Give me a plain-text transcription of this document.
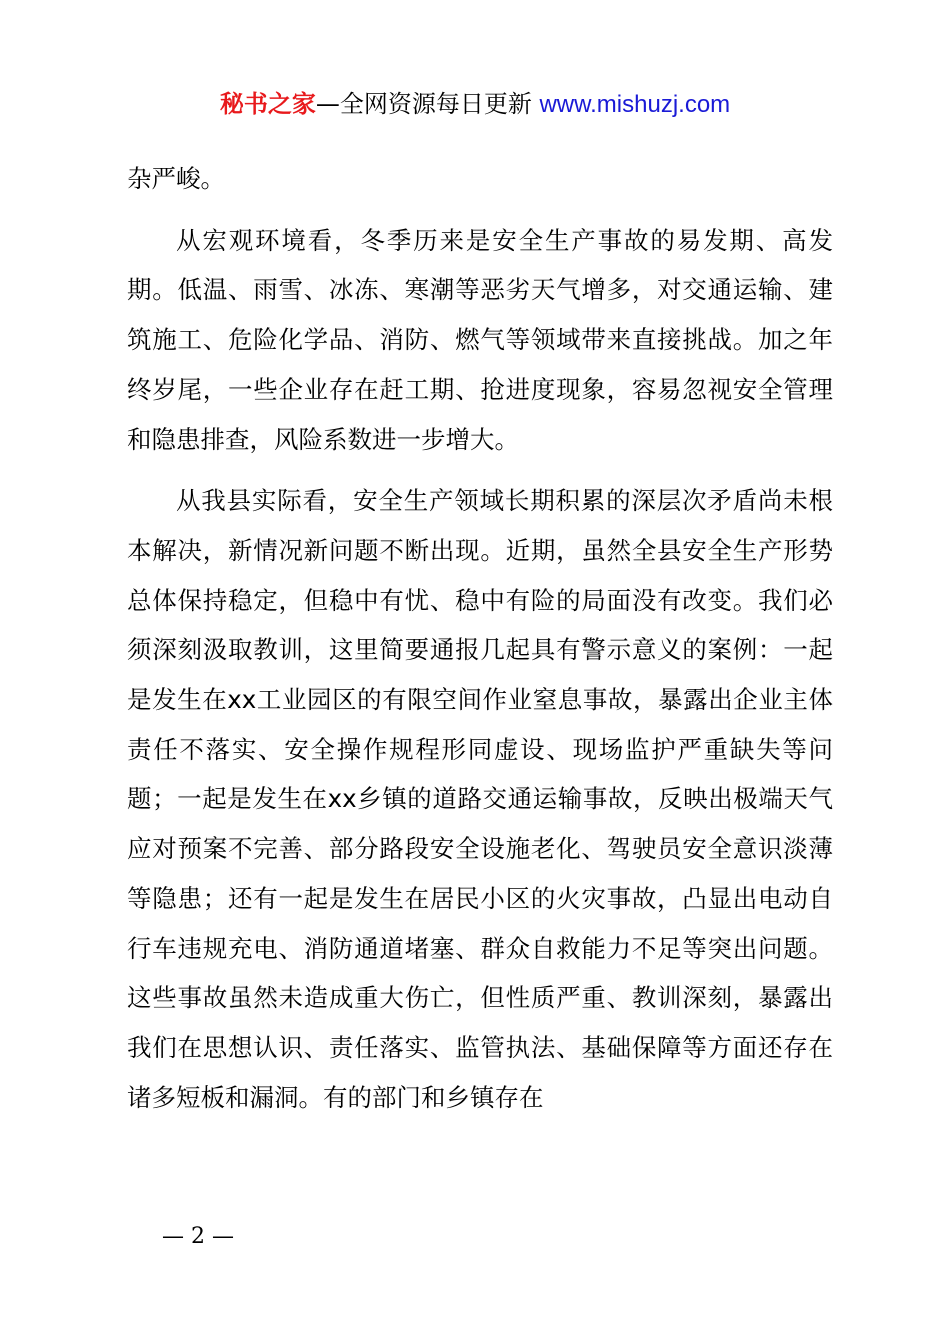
秘书之家—全网资源每日更新 www.mishuzj.com

杂严峻。

从宏观环境看，冬季历来是安全生产事故的易发期、高发期。低温、雨雪、冰冻、寒潮等恶劣天气增多，对交通运输、建筑施工、危险化学品、消防、燃气等领域带来直接挑战。加之年终岁尾，一些企业存在赶工期、抢进度现象，容易忽视安全管理和隐患排查，风险系数进一步增大。

从我县实际看，安全生产领域长期积累的深层次矛盾尚未根本解决，新情况新问题不断出现。近期，虽然全县安全生产形势总体保持稳定，但稳中有忧、稳中有险的局面没有改变。我们必须深刻汲取教训，这里简要通报几起具有警示意义的案例：一起是发生在xx工业园区的有限空间作业窒息事故，暴露出企业主体责任不落实、安全操作规程形同虚设、现场监护严重缺失等问题；一起是发生在xx乡镇的道路交通运输事故，反映出极端天气应对预案不完善、部分路段安全设施老化、驾驶员安全意识淡薄等隐患；还有一起是发生在居民小区的火灾事故，凸显出电动自行车违规充电、消防通道堵塞、群众自救能力不足等突出问题。这些事故虽然未造成重大伤亡，但性质严重、教训深刻，暴露出我们在思想认识、责任落实、监管执法、基础保障等方面还存在诸多短板和漏洞。有的部门和乡镇存在

— 2 —
